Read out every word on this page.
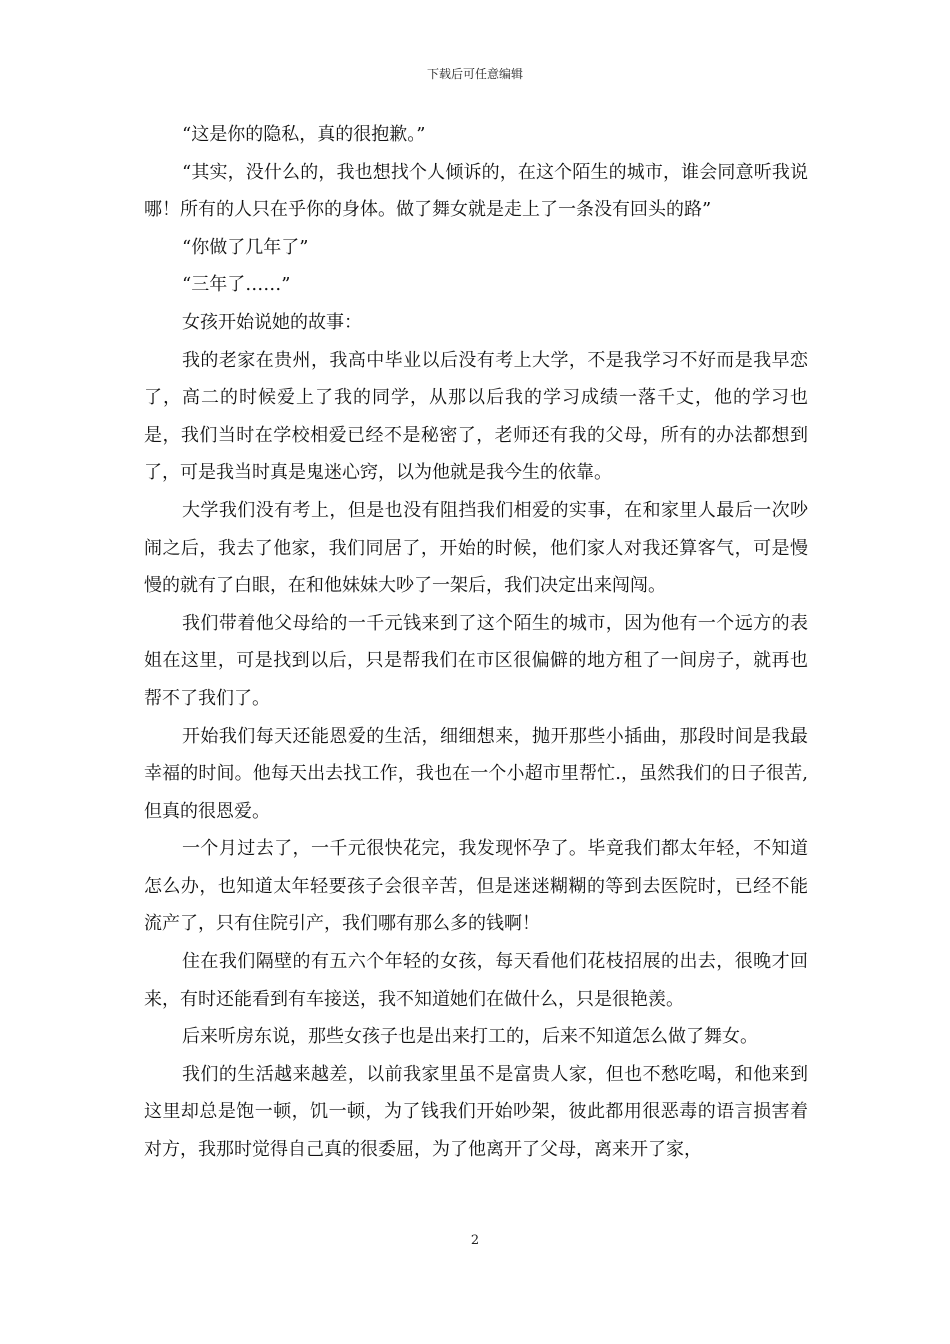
下载后可任意编辑

“这是你的隐私，真的很抱歉。”

“其实，没什么的，我也想找个人倾诉的，在这个陌生的城市，谁会同意听我说哪！所有的人只在乎你的身体。做了舞女就是走上了一条没有回头的路”

“你做了几年了”

“三年了……”

女孩开始说她的故事：

我的老家在贵州，我高中毕业以后没有考上大学，不是我学习不好而是我早恋了，高二的时候爱上了我的同学，从那以后我的学习成绩一落千丈，他的学习也是，我们当时在学校相爱已经不是秘密了，老师还有我的父母，所有的办法都想到了，可是我当时真是鬼迷心窍，以为他就是我今生的依靠。

大学我们没有考上，但是也没有阻挡我们相爱的实事，在和家里人最后一次吵闹之后，我去了他家，我们同居了，开始的时候，他们家人对我还算客气，可是慢慢的就有了白眼，在和他妹妹大吵了一架后，我们决定出来闯闯。

我们带着他父母给的一千元钱来到了这个陌生的城市，因为他有一个远方的表姐在这里，可是找到以后，只是帮我们在市区很偏僻的地方租了一间房子，就再也帮不了我们了。

开始我们每天还能恩爱的生活，细细想来，抛开那些小插曲，那段时间是我最幸福的时间。他每天出去找工作，我也在一个小超市里帮忙.，虽然我们的日子很苦,但真的很恩爱。

一个月过去了，一千元很快花完，我发现怀孕了。毕竟我们都太年轻，不知道怎么办，也知道太年轻要孩子会很辛苦，但是迷迷糊糊的等到去医院时，已经不能流产了，只有住院引产，我们哪有那么多的钱啊！

住在我们隔壁的有五六个年轻的女孩，每天看他们花枝招展的出去，很晚才回来，有时还能看到有车接送，我不知道她们在做什么，只是很艳羡。

后来听房东说，那些女孩子也是出来打工的，后来不知道怎么做了舞女。

我们的生活越来越差，以前我家里虽不是富贵人家，但也不愁吃喝，和他来到这里却总是饱一顿，饥一顿，为了钱我们开始吵架，彼此都用很恶毒的语言损害着对方，我那时觉得自己真的很委屈，为了他离开了父母，离来开了家，

2
